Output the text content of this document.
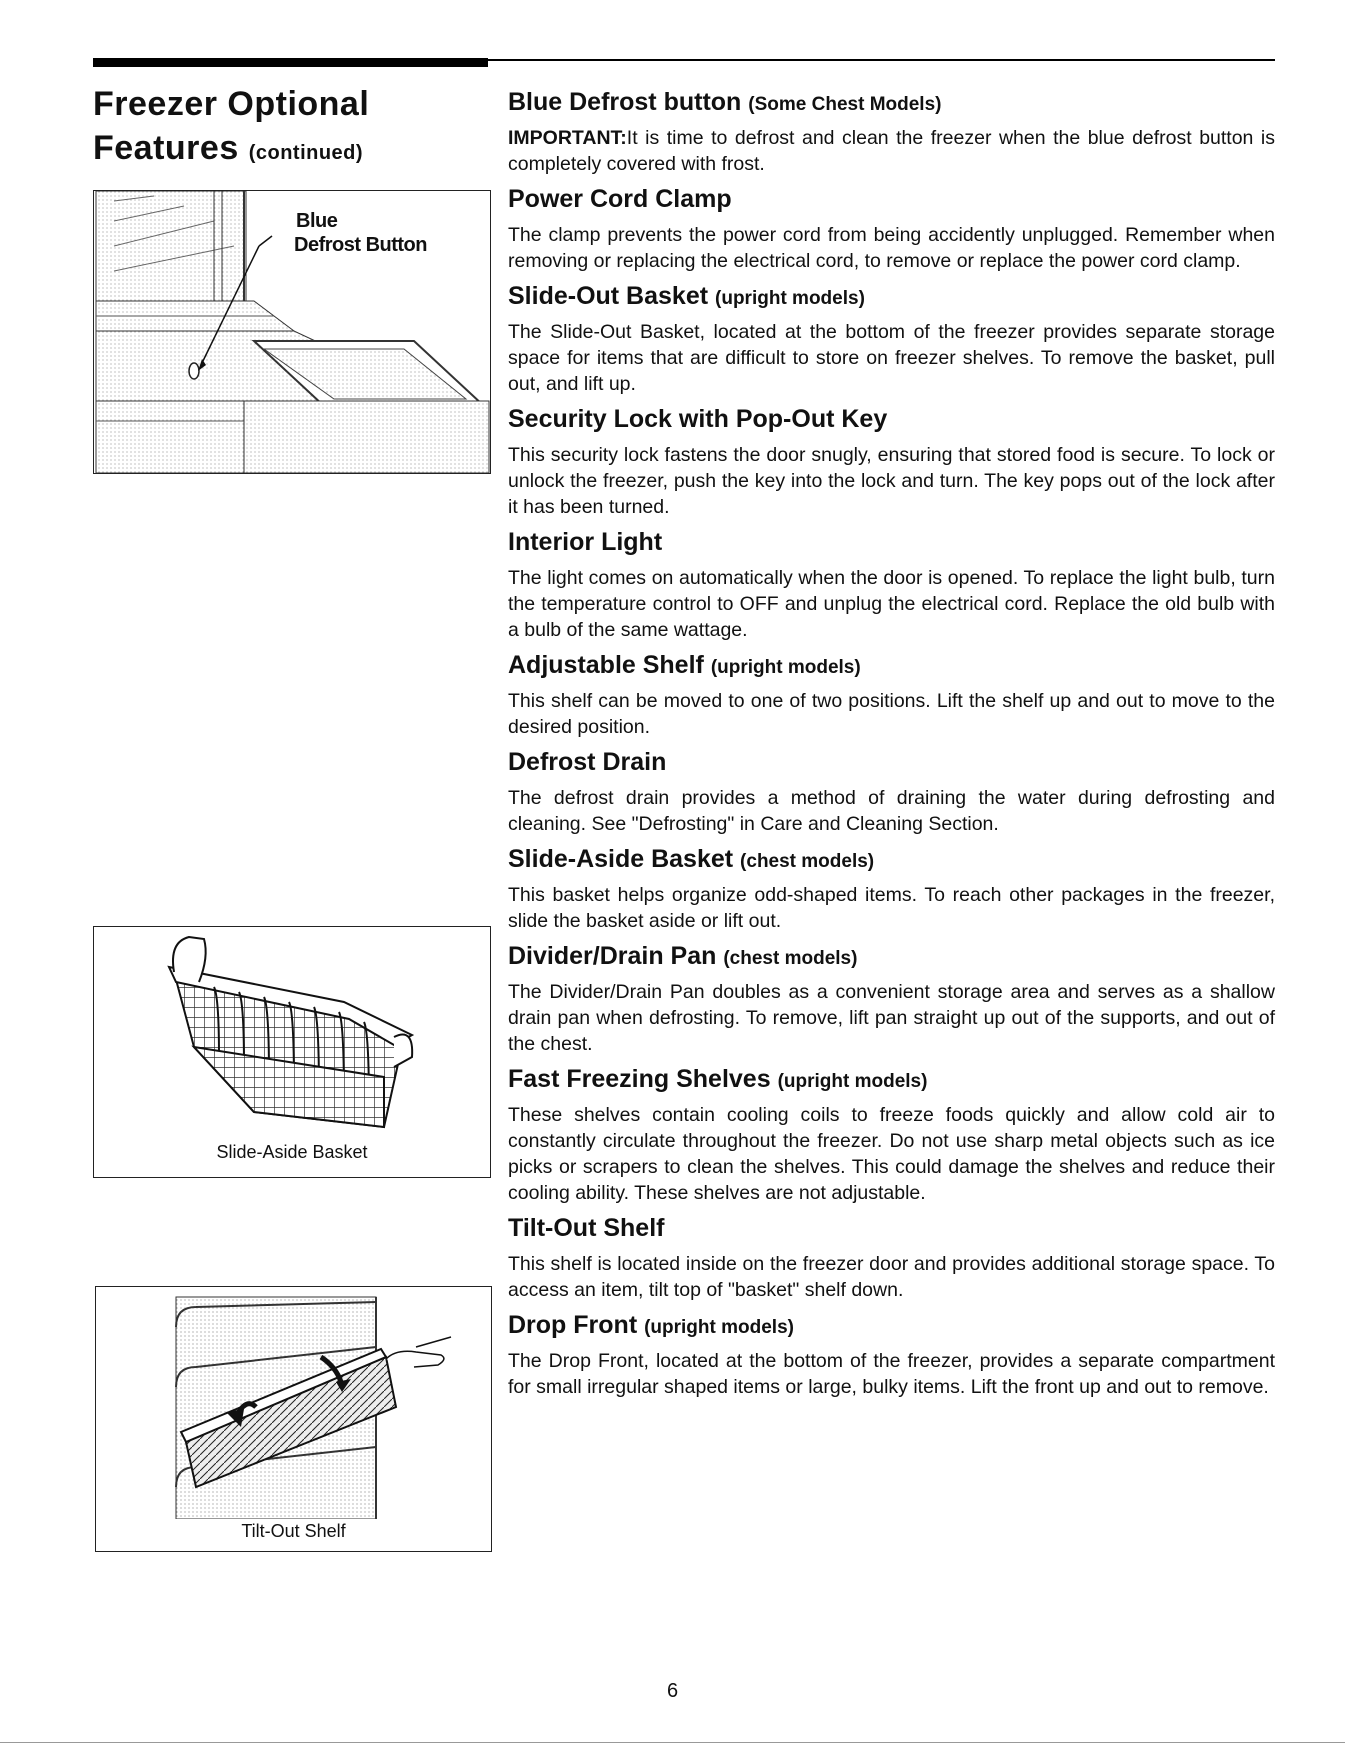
Freezer Optional
Features (continued)
Blue
Defrost Button
Slide-Aside Basket
Tilt-Out Shelf
Blue Defrost button (Some Chest Models)

IMPORTANT:It is time to defrost and clean the freezer when the blue defrost button is completely covered with frost.

Power Cord Clamp

The clamp prevents the power cord from being accidently unplugged. Remember when removing or replacing the electrical cord, to remove or replace the power cord clamp.

Slide-Out Basket (upright models)

The Slide-Out Basket, located at the bottom of the freezer provides separate storage space for items that are difficult to store on freezer shelves. To remove the basket, pull out, and lift up.

Security Lock with Pop-Out Key

This security lock fastens the door snugly, ensuring that stored food is secure. To lock or unlock the freezer, push the key into the lock and turn. The key pops out of the lock after it has been turned.

Interior Light

The light comes on automatically when the door is opened. To replace the light bulb, turn the temperature control to OFF and unplug the electrical cord. Replace the old bulb with a bulb of the same wattage.

Adjustable Shelf (upright models)

This shelf can be moved to one of two positions. Lift the shelf up and out to move to the desired position.

Defrost Drain

The defrost drain provides a method of draining the water during defrosting and cleaning. See "Defrosting" in Care and Cleaning Section.

Slide-Aside Basket (chest models)

This basket helps organize odd-shaped items. To reach other packages in the freezer, slide the basket aside or lift out.

Divider/Drain Pan (chest models)

The Divider/Drain Pan doubles as a convenient storage area and serves as a shallow drain pan when defrosting. To remove, lift pan straight up out of the supports, and out of the chest.

Fast Freezing Shelves (upright models)

These shelves contain cooling coils to freeze foods quickly and allow cold air to constantly circulate throughout the freezer. Do not use sharp metal objects such as ice picks or scrapers to clean the shelves. This could damage the shelves and reduce their cooling ability. These shelves are not adjustable.

Tilt-Out Shelf

This shelf is located inside on the freezer door and provides additional storage space. To access an item, tilt top of "basket" shelf down.

Drop Front (upright models)

The Drop Front, located at the bottom of the freezer, provides a separate compartment for small irregular shaped items or large, bulky items. Lift the front up and out to remove.

6
